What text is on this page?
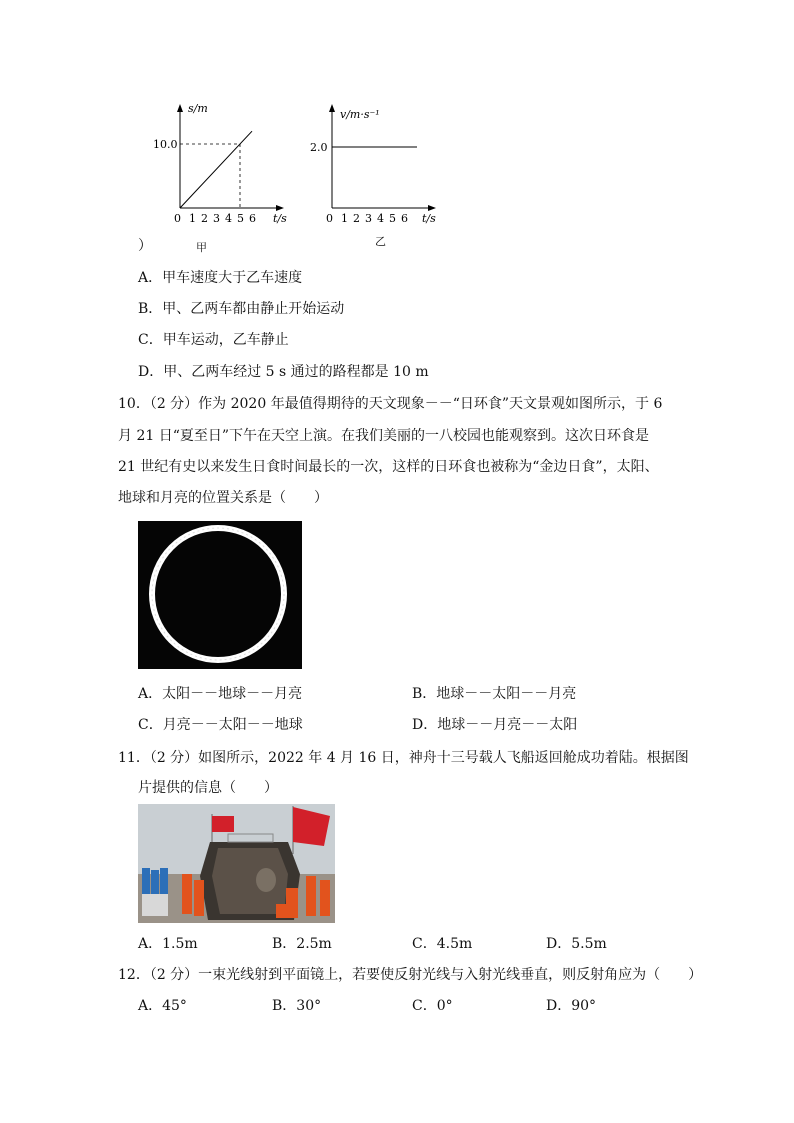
s/m
10.0
t/s
0 1 2 3 4 5 6
甲
v/m·s⁻¹
2.0
t/s
0 1 2 3 4 5 6
乙
）
A．甲车速度大于乙车速度
B．甲、乙两车都由静止开始运动
C．甲车运动，乙车静止
D．甲、乙两车经过 5 s 通过的路程都是 10 m
10．（2 分）作为 2020 年最值得期待的天文现象－－“日环食”天文景观如图所示，于 6
月 21 日“夏至日”下午在天空上演。在我们美丽的一八校园也能观察到。这次日环食是
21 世纪有史以来发生日食时间最长的一次，这样的日环食也被称为“金边日食”，太阳、
地球和月亮的位置关系是（　　）
A．太阳－－地球－－月亮	B．地球－－太阳－－月亮
C．月亮－－太阳－－地球	D．地球－－月亮－－太阳
11．（2 分）如图所示，2022 年 4 月 16 日，神舟十三号载人飞船返回舱成功着陆。根据图
片提供的信息（　　）
A．1.5m	B．2.5m	C．4.5m	D．5.5m
12．（2 分）一束光线射到平面镜上，若要使反射光线与入射光线垂直，则反射角应为（　　）
A．45°	B．30°	C．0°	D．90°
